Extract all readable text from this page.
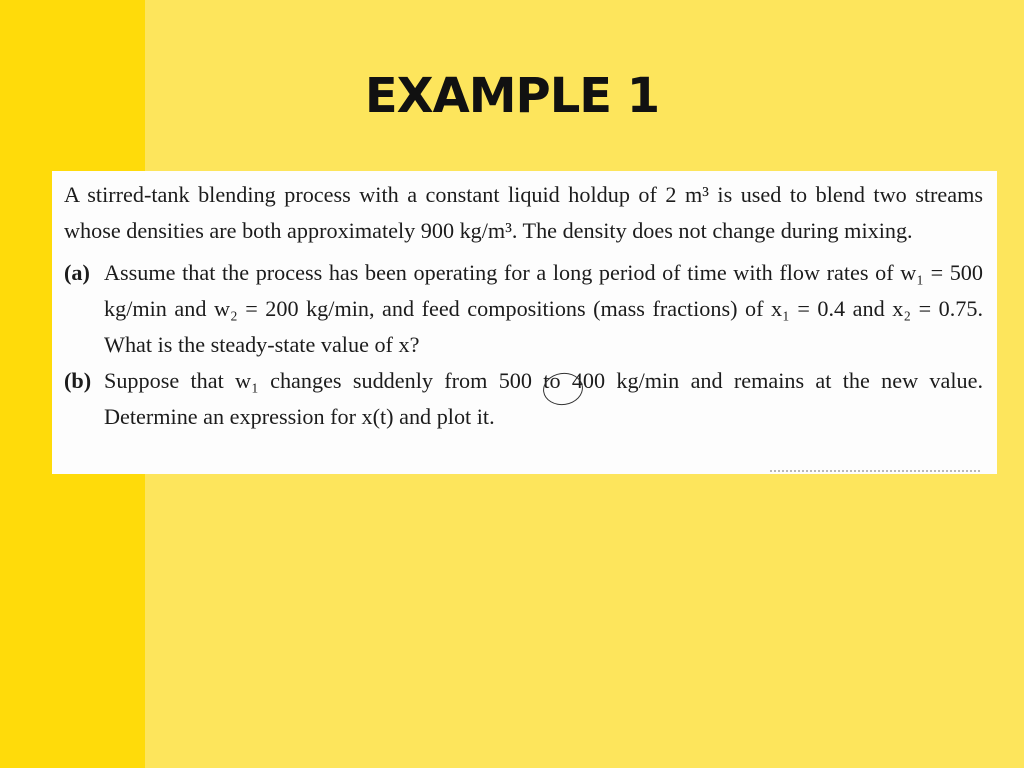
EXAMPLE 1

A stirred-tank blending process with a constant liquid holdup of 2 m³ is used to blend two streams whose densities are both approximately 900 kg/m³. The density does not change during mixing.

(a) Assume that the process has been operating for a long period of time with flow rates of w₁ = 500 kg/min and w₂ = 200 kg/min, and feed compositions (mass fractions) of x₁ = 0.4 and x₂ = 0.75. What is the steady-state value of x?
(b) Suppose that w₁ changes suddenly from 500 to 400 kg/min and remains at the new value. Determine an expression for x(t) and plot it.
